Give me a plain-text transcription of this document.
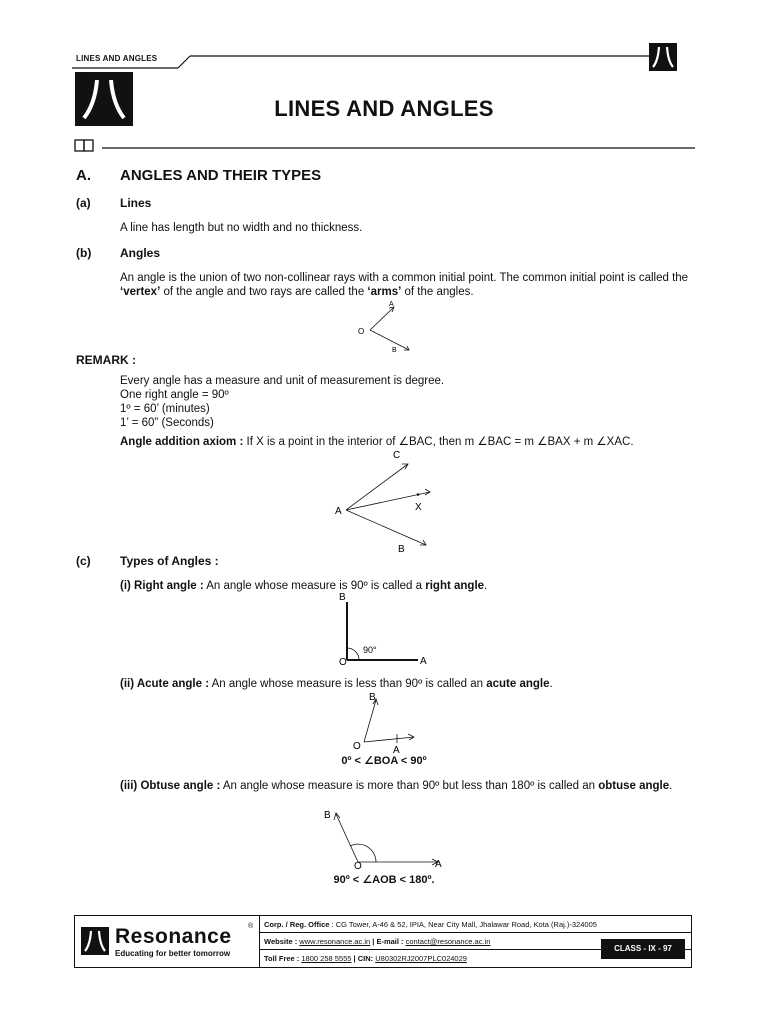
LINES AND ANGLES
LINES AND ANGLES
A. ANGLES AND THEIR TYPES
(a) Lines
A line has length but no width and no thickness.
(b) Angles
An angle is the union of two non-collinear rays with a common initial point. The common initial point is called the ‘vertex’ of the angle and two rays are called the ‘arms’ of the angles.
O
A
B
REMARK :
Every angle has a measure and unit of measurement is degree.
One right angle = 90º
1º = 60’ (minutes)
1’ = 60” (Seconds)
Angle addition axiom : If X is a point in the interior of ∠BAC, then m ∠BAC = m ∠BAX + m ∠XAC.
A
C
X
B
(c) Types of Angles :
(i) Right angle : An angle whose measure is 90º is called a right angle.
B
O	A
90°
(ii) Acute angle : An angle whose measure is less than 90º is called an acute angle.
B
O	A
0º < ∠BOA < 90º
(iii) Obtuse angle : An angle whose measure is more than 90º but less than 180º is called an obtuse angle.
B
O	A
90º < ∠AOB < 180º.
Resonance ®
Educating for better tomorrow
Corp. / Reg. Office : CG Tower, A-46 & 52, IPIA, Near City Mall, Jhalawar Road, Kota (Raj.)-324005
Website : www.resonance.ac.in | E-mail : contact@resonance.ac.in
Toll Free : 1800 258 5555 | CIN: U80302RJ2007PLC024029
CLASS - IX - 97
